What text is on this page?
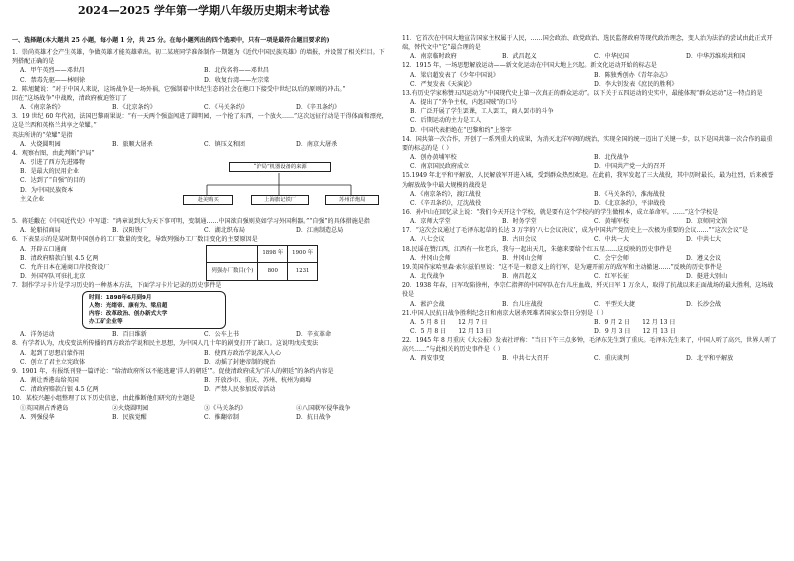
2024—2025 学年第一学期八年级历史期末考试卷
一、选择题(本大题共 25 小题，每小题 1 分，共 25 分。在每小题列出的四个选项中，只有一项是最符合题目要求的)
1．崇尚英雄才会产生英雄，争做英雄才能英雄辈出。初二某班同学准备制作一期题为《近代中国民族英雄》的墙报，并设置了相关栏目。下列搭配正确的是
A．甲午英烈——邓世昌	B．北伐名将——邓世昌
C．禁毒先驱——林则徐	D．收复台湾——左宗棠
2．陈旭麓说：“对于中国人来说，这场战争是一场外祸，它强制着中世纪生态的社会在炮口下接受中世纪以后的原则的冲击。”
因在“这场战争”中战败，清政府被迫签订了
A．《南京条约》	B．《北京条约》	C．《马关条约》	D．《辛丑条约》
3．19 世纪 60 年代初，法国巴黎雨果说：“有一天两个强盗闯进了圆明园，一个抢了东西，一个放火……”这次远征行动是干得体面和漂亮，这是兰西和英格兰共享之荣耀。”
英法所讲的“荣耀”是指
A．火烧圆明园	B．旅顺大屠杀	C．镇压义和团	D．南京大屠杀
4．观察右图，由此判断“沪局”
A．引进了西方先进器物
B．是最大的民用企业
C．达到了“自强”的目的
D．为中国民族资本
主义企业
“沪局”机器设备的来源
赴美购买	上海旗记铁厂	苏州洋炮局
5．蒋廷黻在《中国近代史》中写道：“鸿章说到大为天下事可明，变制通……中国欲自强则莫如学习外国利器。”“自强”的具体措施是指
A．轮船招商局	B．汉阳铁厂	C．湖北织布局	D．江南制造总局
6．下表显示的是某时期中国创办的工厂数量的变化，导致列强办工厂数目变化的主要原因是
A．开辟五口通商
B．清政府赔款白银 4.5 亿两
C．允许日本在通商口岸投资设厂
D．外国军队可驻扎北京
	1898 年	1900 年
列强办厂数目(个)	800	1231
7．制作学习卡片是学习历史的一种基本方法，下面学习卡片记录的历史事件是
时间：1898年6月到9月
人物：光绪帝、康有为、梁启超
内容：改革政治、创办新式大学
办工矿企业等
A．洋务运动	B．百日维新	C．公车上书	D．辛亥革命
8．有学者认为，戊戌变法所传播的西方政治学说和民主思想，为中国人几十年的剧变打开了缺口。这说明戊戌变法
A．起到了思想启蒙作用	B．使西方政治学说深入人心
C．创立了君主立宪政体	D．动摇了封建帝制的统治
9．1901 年，有报纸刊登一篇评论：“给清政府所以不能逃避‘洋人的朝廷’”。促使清政府成为“洋人的朝廷”的条约内容是
A．割让香港岛给英国	B．开放沙市、重庆、苏州、杭州为商埠
C．清政府赔款白银 4.5 亿两	D．严禁人民参加反帝活动
10．某校兴趣小组整理了以下历史信息，由此推断他们研究的主题是
①英国割占香港岛	②火烧圆明园	③《马关条约》	④八国联军侵华战争
A．列强侵华	B．民族觉醒	C．推翻帝制	D．抗日战争
11．它首次在中国大地宣告国家主权属于人民，……国会政治、政党政治、选民监督政府等现代政治理念，变人治为法治的尝试由此正式开端，替代文中“它”最合理的是
A．南京临时政府	B．武昌起义	C．中华民国	D．中华苏维埃共和国
12．1915 年，一场思想解放运动——新文化运动在中国大地上兴起。新文化运动开始的标志是
A．梁启超发表了《少年中国说》	B．陈独秀创办《青年杂志》
C．严复发表《天演论》	D．李大钊发表《庶民的胜利》
13.有历史学家称赞五四运动为“中国现代史上第一次真正的群众运动”。以下关于五四运动的史实中，最能体现“群众运动”这一特点的是
A．提出了“外争主权，内惩国贼”的口号
B．广泛开展了学生罢课，工人罢工，商人罢市的斗争
C．后期运动的主力是工人
D．中国代表拒绝在“巴黎和约”上签字
14．国共第一次合作，开创了一系列重大的成果，为消灭北洋军阀的统治，实现全国的统一迈出了关键一步，以下是国共第一次合作的最重要的标志的是（ ）
A．创办黄埔军校	B．北伐战争
C．南京国民政府成立	D．中国共产党一大的召开
15.1949 年北平和平解放，人民解放军开进入城，受到群众热烈欢迎。在此前，我军发起了三大战役，其中历时最长，最为壮烈，后来被誉为解放战争中最大规模的战役是
A．《南京条约》，渡江战役	B．《马关条约》，淮海战役
C．《辛丑条约》，辽沈战役	D．《北京条约》，平津战役
16．孙中山在回忆录上说：“我们今天开这个学校，就是要有这个学校内的学生做根本，成立革命军。……”这个学校是
A．京师大学堂	B．时务学堂	C．黄埔军校	D．京师同文馆
17．“这次会议通过了毛泽东起草的长达 3 万字的‘八七会议决议’，成为中国共产党历史上一次极为重要的会议……”“这次会议”是
A．八七会议	B．古田会议	C．中共一大	D．中共七大
18.民谣在赞江西，江西有一位老兵，我与一起出天几，朱德来要给个红五星……这反映的历史事件是
A．井冈山会师	B．井冈山会师	C．会宁会师	D．遵义会议
19.美国作家哈里森·索尔兹伯里说：“这不是一般意义上的行军，是为避开前方的敌军和主动撤退……”反映的历史事件是
A．北伐战争	B．南昌起义	C．红军长征	D．挺进大别山
20．1938 年春，日军攻陷徐州，李宗仁指挥的中国军队在台儿庄血战，歼灭日军 1 万余人，取得了抗战以来正面战场的最大胜利，这场战役是
A．淞沪会战	B．台儿庄战役	C．平型关大捷	D．长沙会战
21.中国人民抗日战争胜利纪念日和南京大屠杀死难者国家公祭日分别是（ ）
A．5 月 8 日　　12 月 7 日	B．9 月 2 日　　12 月 13 日
C．5 月 8 日　　12 月 13 日	D．9 月 3 日　　12 月 13 日
22．1945 年 8 月重庆《大公报》发表社评称：“当日下午三点多钟，毛泽东先生到了重庆。毛泽东先生来了，中国人听了高兴，世界人听了高兴……”与此相关的历史事件是（ ）
A．西安事变	B．中共七大召开	C．重庆谈判	D．北平和平解放
